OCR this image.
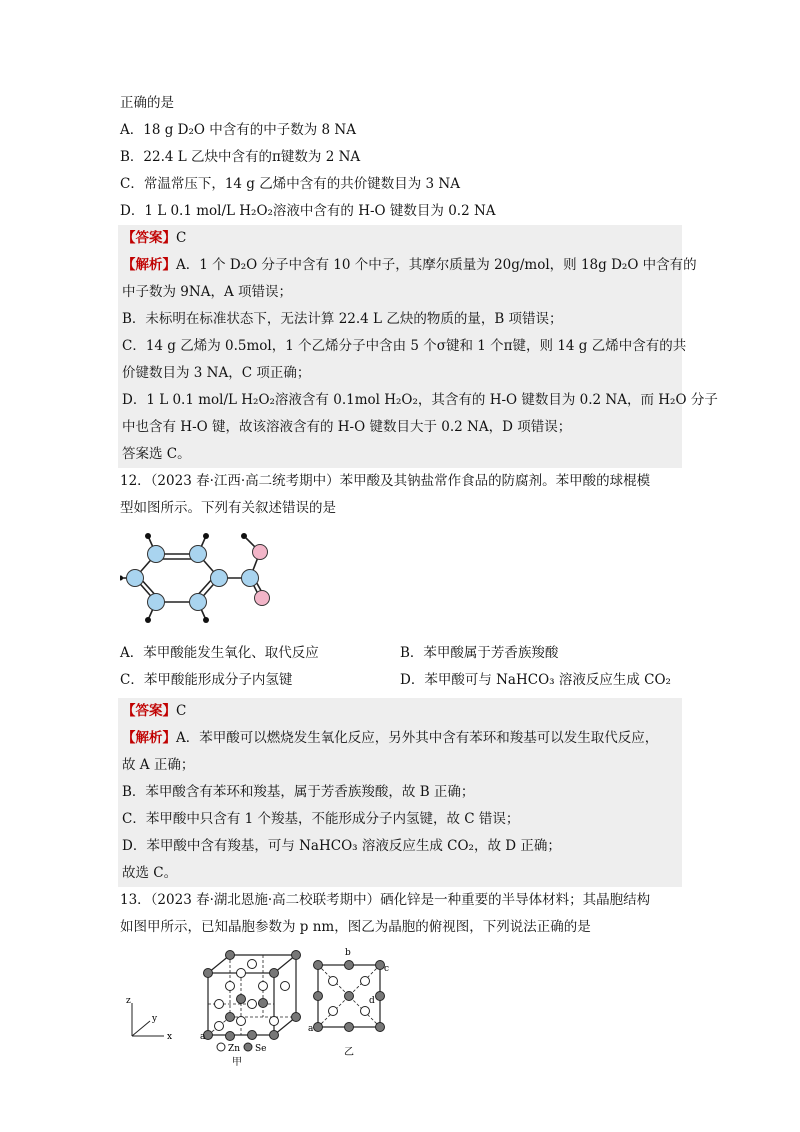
正确的是
A．18 g D₂O 中含有的中子数为 8 NA
B．22.4 L 乙炔中含有的π键数为 2 NA
C．常温常压下，14 g 乙烯中含有的共价键数目为 3 NA
D．1 L 0.1 mol/L H₂O₂溶液中含有的 H-O 键数目为 0.2 NA
【答案】C
【解析】A．1 个 D₂O 分子中含有 10 个中子，其摩尔质量为 20g/mol，则 18g D₂O 中含有的
中子数为 9NA，A 项错误；
B．未标明在标准状态下，无法计算 22.4 L 乙炔的物质的量，B 项错误；
C．14 g 乙烯为 0.5mol，1 个乙烯分子中含由 5 个σ键和 1 个π键，则 14 g 乙烯中含有的共
价键数目为 3 NA，C 项正确；
D．1 L 0.1 mol/L H₂O₂溶液含有 0.1mol H₂O₂，其含有的 H-O 键数目为 0.2 NA，而 H₂O 分子
中也含有 H-O 键，故该溶液含有的 H-O 键数目大于 0.2 NA，D 项错误；
答案选 C。
12．（2023 春·江西·高二统考期中）苯甲酸及其钠盐常作食品的防腐剂。苯甲酸的球棍模
型如图所示。下列有关叙述错误的是
A．苯甲酸能发生氧化、取代反应	B．苯甲酸属于芳香族羧酸
C．苯甲酸能形成分子内氢键	D．苯甲酸可与 NaHCO₃ 溶液反应生成 CO₂
【答案】C
【解析】A．苯甲酸可以燃烧发生氧化反应，另外其中含有苯环和羧基可以发生取代反应，
故 A 正确；
B．苯甲酸含有苯环和羧基，属于芳香族羧酸，故 B 正确；
C．苯甲酸中只含有 1 个羧基，不能形成分子内氢键，故 C 错误；
D．苯甲酸中含有羧基，可与 NaHCO₃ 溶液反应生成 CO₂，故 D 正确；
故选 C。
13．（2023 春·湖北恩施·高二校联考期中）硒化锌是一种重要的半导体材料；其晶胞结构
如图甲所示，已知晶胞参数为 p nm，图乙为晶胞的俯视图，下列说法正确的是
z
y
x	a
Zn Se
甲
b
c
d
a
乙
